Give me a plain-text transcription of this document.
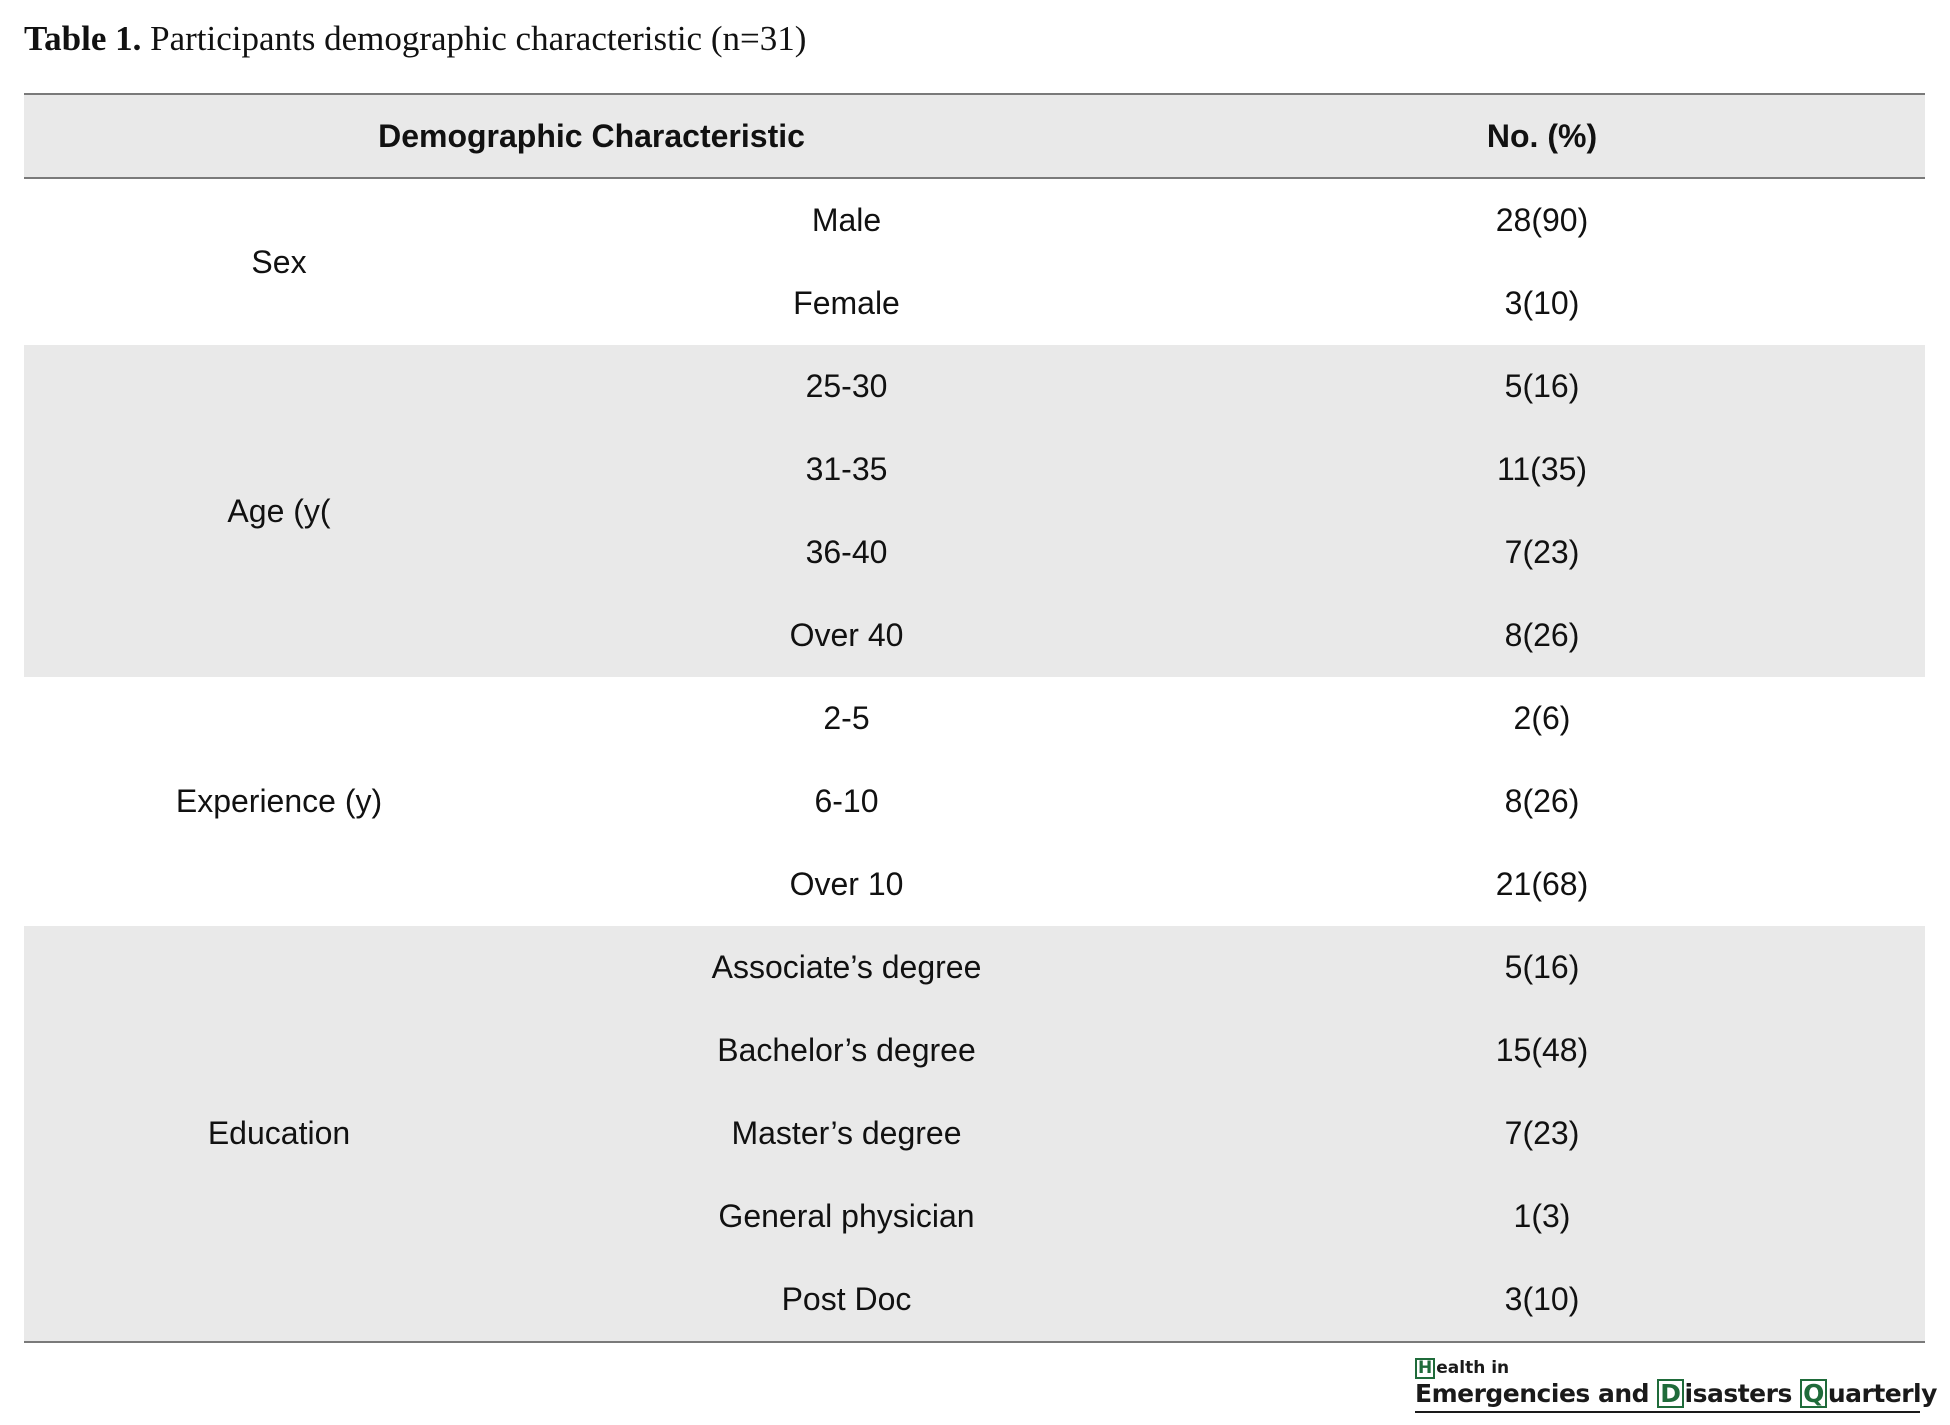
Table 1. Participants demographic characteristic (n=31)
Demographic Characteristic		No. (%)
Sex	Male	28(90)
	Female	3(10)
Age (y(	25-30	5(16)
	31-35	11(35)
	36-40	7(23)
	Over 40	8(26)
Experience (y)	2-5	2(6)
	6-10	8(26)
	Over 10	21(68)
Education	Associate’s degree	5(16)
	Bachelor’s degree	15(48)
	Master’s degree	7(23)
	General physician	1(3)
	Post Doc	3(10)
H ealth in
Emergencies and D isasters Q uarterly
